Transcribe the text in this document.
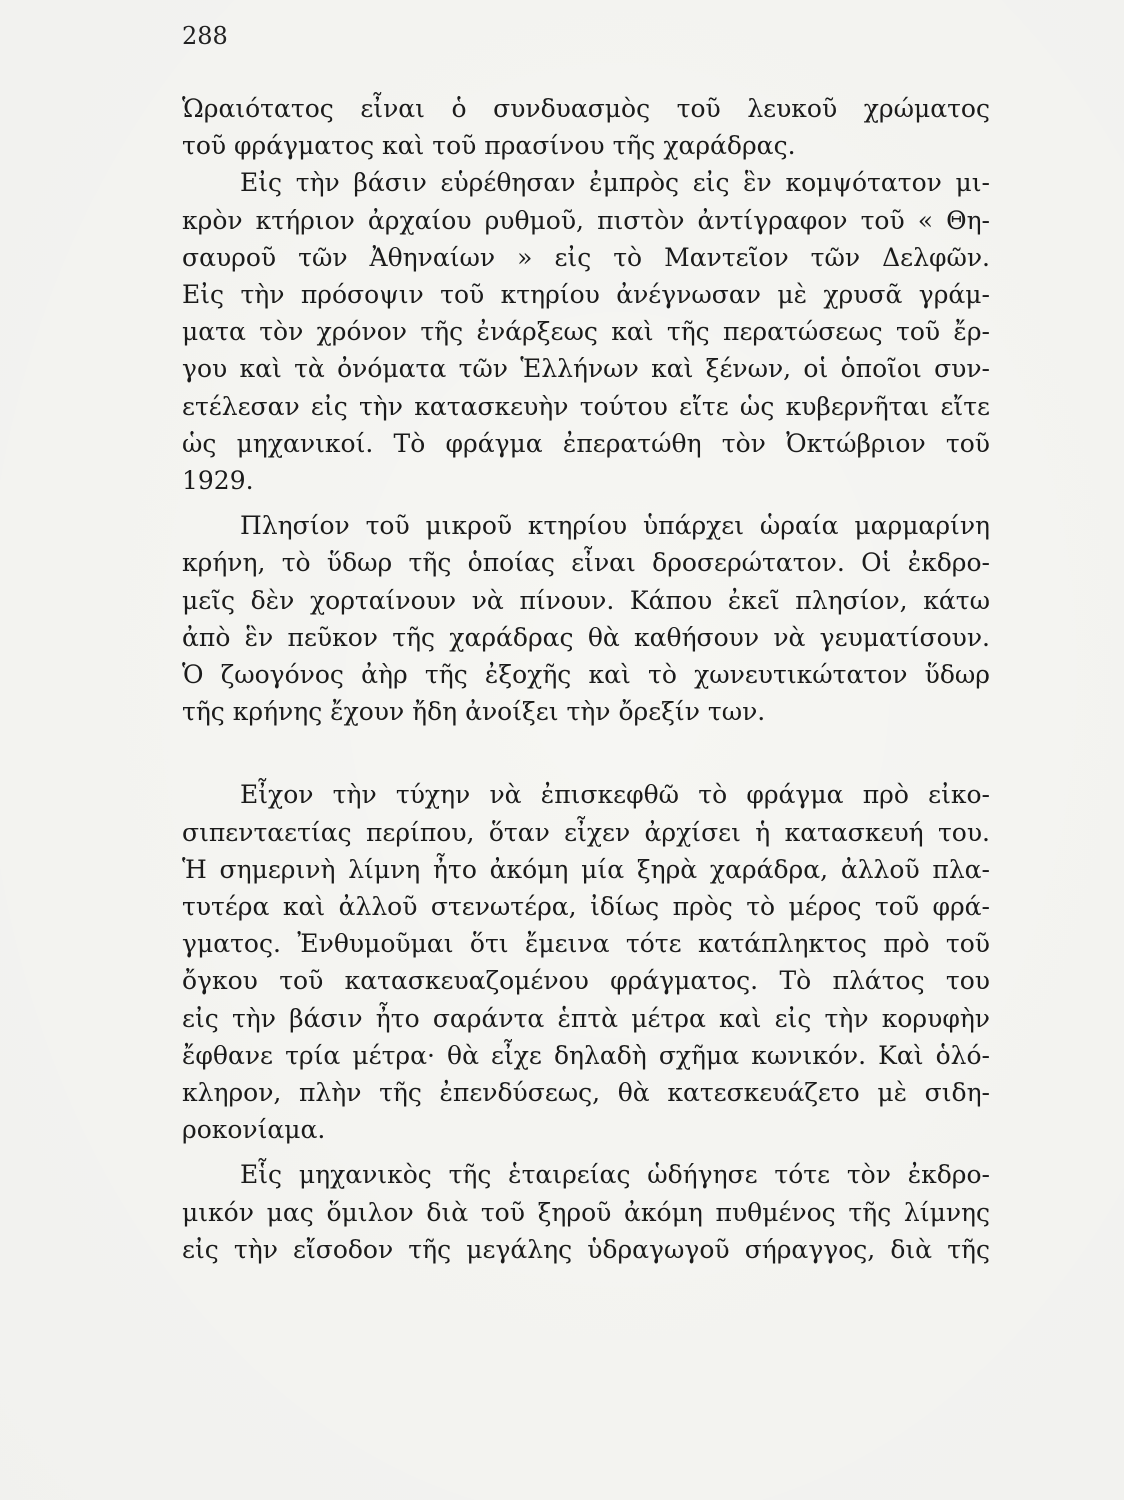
288

Ὡραιότατος εἶναι ὁ συνδυασμὸς τοῦ λευκοῦ χρώματος
τοῦ φράγματος καὶ τοῦ πρασίνου τῆς χαράδρας.
Εἰς τὴν βάσιν εὑρέθησαν ἐμπρὸς εἰς ἓν κομψότατον μι-
κρὸν κτήριον ἀρχαίου ρυθμοῦ, πιστὸν ἀντίγραφον τοῦ « Θη-
σαυροῦ τῶν Ἀθηναίων » εἰς τὸ Μαντεῖον τῶν Δελφῶν.
Εἰς τὴν πρόσοψιν τοῦ κτηρίου ἀνέγνωσαν μὲ χρυσᾶ γράμ-
ματα τὸν χρόνον τῆς ἐνάρξεως καὶ τῆς περατώσεως τοῦ ἔρ-
γου καὶ τὰ ὀνόματα τῶν Ἑλλήνων καὶ ξένων, οἱ ὁποῖοι συν-
ετέλεσαν εἰς τὴν κατασκευὴν τούτου εἴτε ὡς κυβερνῆται εἴτε
ὡς μηχανικοί. Τὸ φράγμα ἐπερατώθη τὸν Ὀκτώβριον τοῦ
1929.
Πλησίον τοῦ μικροῦ κτηρίου ὑπάρχει ὡραία μαρμαρίνη
κρήνη, τὸ ὕδωρ τῆς ὁποίας εἶναι δροσερώτατον. Οἱ ἐκδρο-
μεῖς δὲν χορταίνουν νὰ πίνουν. Κάπου ἐκεῖ πλησίον, κάτω
ἀπὸ ἓν πεῦκον τῆς χαράδρας θὰ καθήσουν νὰ γευματίσουν.
Ὁ ζωογόνος ἀὴρ τῆς ἐξοχῆς καὶ τὸ χωνευτικώτατον ὕδωρ
τῆς κρήνης ἔχουν ἤδη ἀνοίξει τὴν ὄρεξίν των.
Εἶχον τὴν τύχην νὰ ἐπισκεφθῶ τὸ φράγμα πρὸ εἰκο-
σιπενταετίας περίπου, ὅταν εἶχεν ἀρχίσει ἡ κατασκευή του.
Ἡ σημερινὴ λίμνη ἦτο ἀκόμη μία ξηρὰ χαράδρα, ἀλλοῦ πλα-
τυτέρα καὶ ἀλλοῦ στενωτέρα, ἰδίως πρὸς τὸ μέρος τοῦ φρά-
γματος. Ἐνθυμοῦμαι ὅτι ἔμεινα τότε κατάπληκτος πρὸ τοῦ
ὄγκου τοῦ κατασκευαζομένου φράγματος. Τὸ πλάτος του
εἰς τὴν βάσιν ἦτο σαράντα ἑπτὰ μέτρα καὶ εἰς τὴν κορυφὴν
ἔφθανε τρία μέτρα· θὰ εἶχε δηλαδὴ σχῆμα κωνικόν. Καὶ ὁλό-
κληρον, πλὴν τῆς ἐπενδύσεως, θὰ κατεσκευάζετο μὲ σιδη-
ροκονίαμα.
Εἷς μηχανικὸς τῆς ἑταιρείας ὡδήγησε τότε τὸν ἐκδρο-
μικόν μας ὅμιλον διὰ τοῦ ξηροῦ ἀκόμη πυθμένος τῆς λίμνης
εἰς τὴν εἴσοδον τῆς μεγάλης ὑδραγωγοῦ σήραγγος, διὰ τῆς
